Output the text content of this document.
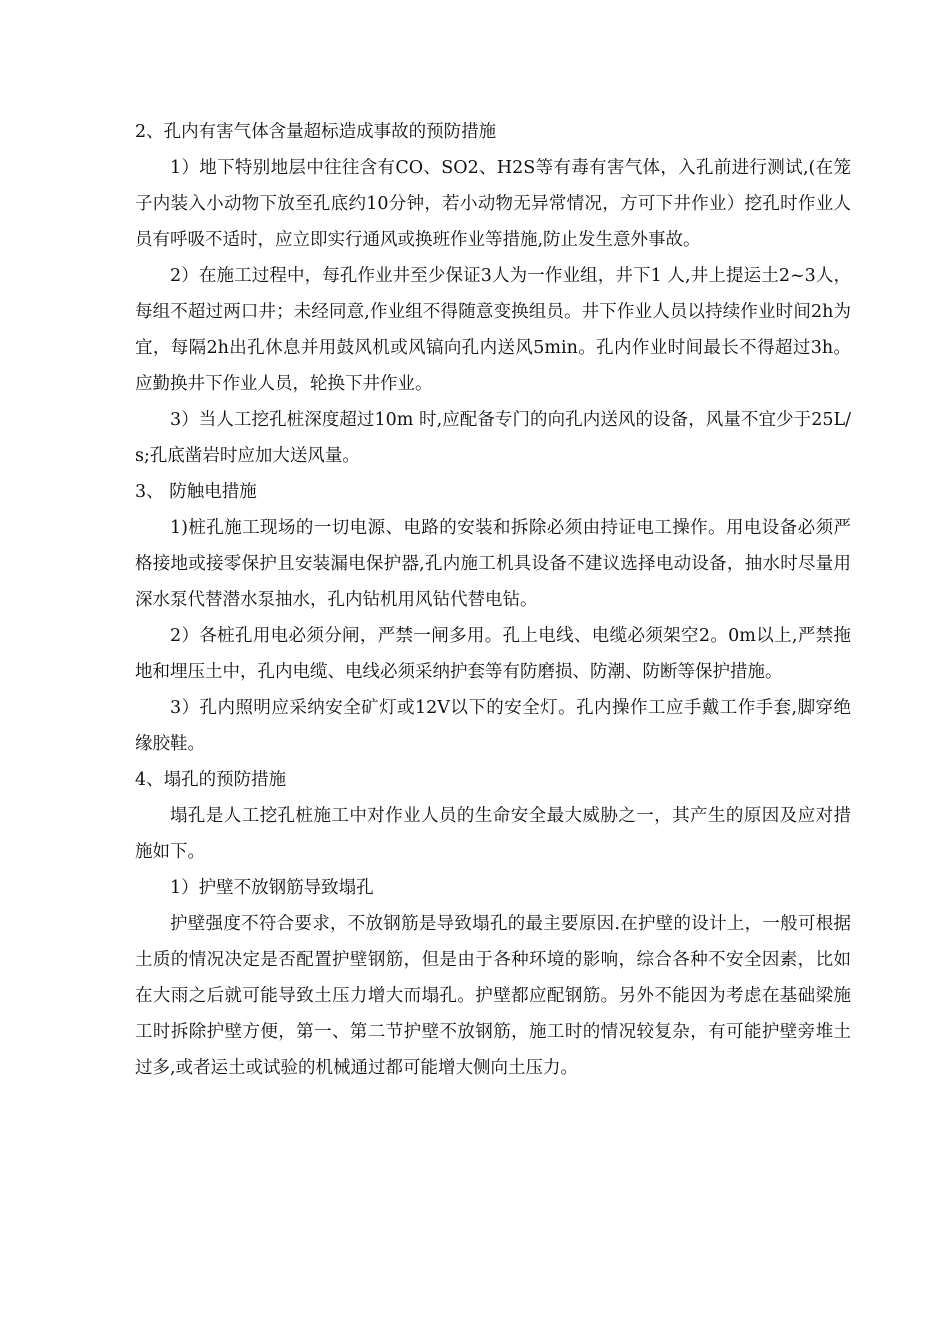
2、孔内有害气体含量超标造成事故的预防措施

1）地下特别地层中往往含有CO、SO2、H2S等有毒有害气体，入孔前进行测试,(在笼子内装入小动物下放至孔底约10分钟，若小动物无异常情况，方可下井作业）挖孔时作业人员有呼吸不适时，应立即实行通风或换班作业等措施,防止发生意外事故。

2）在施工过程中，每孔作业井至少保证3人为一作业组，井下1 人,井上提运土2~3人，每组不超过两口井；未经同意,作业组不得随意变换组员。井下作业人员以持续作业时间2h为宜，每隔2h出孔休息并用鼓风机或风镐向孔内送风5min。孔内作业时间最长不得超过3h。应勤换井下作业人员，轮换下井作业。

3）当人工挖孔桩深度超过10m 时,应配备专门的向孔内送风的设备，风量不宜少于25L/s;孔底凿岩时应加大送风量。

3、 防触电措施

1)桩孔施工现场的一切电源、电路的安装和拆除必须由持证电工操作。用电设备必须严格接地或接零保护且安装漏电保护器,孔内施工机具设备不建议选择电动设备，抽水时尽量用深水泵代替潜水泵抽水，孔内钻机用风钻代替电钻。

2）各桩孔用电必须分闸，严禁一闸多用。孔上电线、电缆必须架空2。0m以上,严禁拖地和埋压土中，孔内电缆、电线必须采纳护套等有防磨损、防潮、防断等保护措施。

3）孔内照明应采纳安全矿灯或12V以下的安全灯。孔内操作工应手戴工作手套,脚穿绝缘胶鞋。

4、塌孔的预防措施

塌孔是人工挖孔桩施工中对作业人员的生命安全最大威胁之一，其产生的原因及应对措施如下。

1）护壁不放钢筋导致塌孔

护壁强度不符合要求，不放钢筋是导致塌孔的最主要原因.在护壁的设计上，一般可根据土质的情况决定是否配置护壁钢筋，但是由于各种环境的影响，综合各种不安全因素，比如在大雨之后就可能导致土压力增大而塌孔。护壁都应配钢筋。另外不能因为考虑在基础梁施工时拆除护壁方便，第一、第二节护壁不放钢筋，施工时的情况较复杂，有可能护壁旁堆土过多,或者运土或试验的机械通过都可能增大侧向土压力。
